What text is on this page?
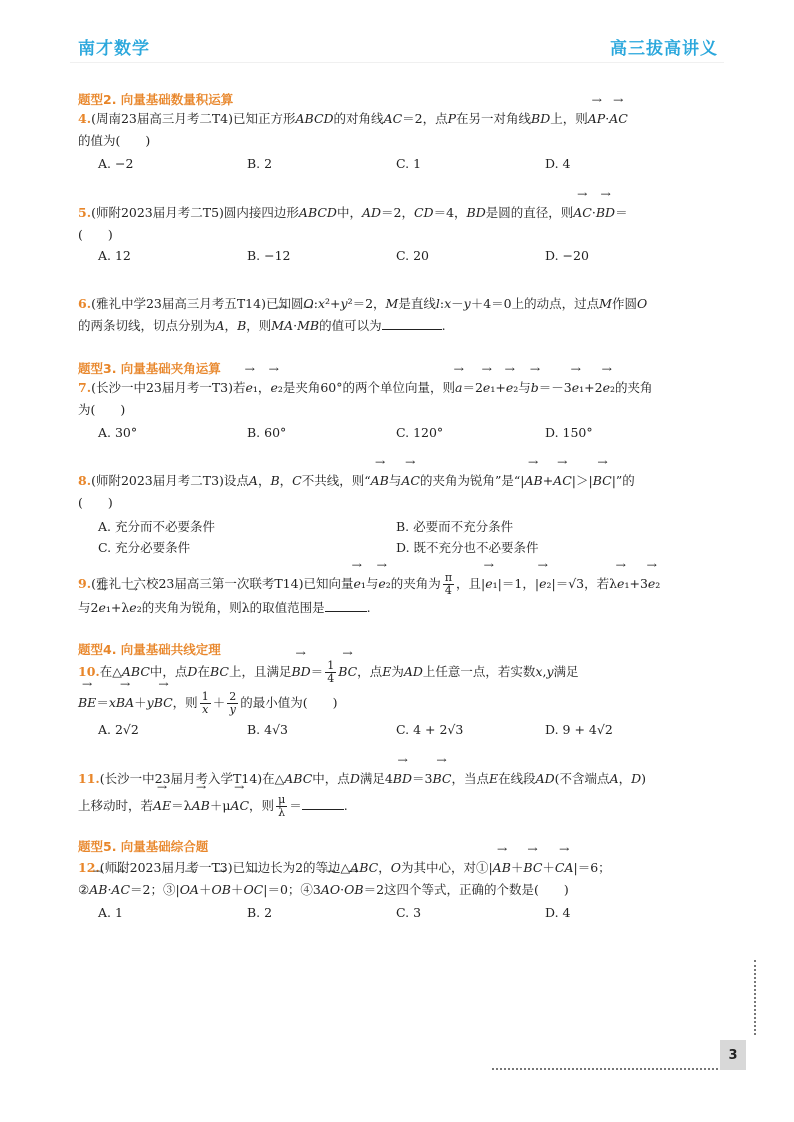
南才数学	高三拔高讲义
题型2. 向量基础数量积运算
4.(周南23届高三月考二T4)已知正方形ABCD的对角线AC＝2，点P在另一对角线BD上，则→ AP·→ AC
的值为(　　)
A. −2	B. 2	C. 1	D. 4
5.(师附2023届月考二T5)圆内接四边形ABCD中，AD＝2，CD＝4，BD是圆的直径，则→ AC·→ BD＝
(　　)
A. 12	B. −12	C. 20	D. −20
6.(雅礼中学23届高三月考五T14)已知圆O:x²+y²＝2，M是直线l:x－y＋4＝0上的动点，过点M作圆O
的两条切线，切点分别为A，B，则→ MA·→ MB的值可以为	.
题型3. 向量基础夹角运算
7.(长沙一中23届月考一T3)若→ e₁，→ e₂是夹角60°的两个单位向量，则→ a＝2→ e₁+→ e₂与→ b＝－3→ e₁+2→ e₂的夹角
为(　　)
A. 30°	B. 60°	C. 120°	D. 150°
8.(师附2023届月考二T3)设点A，B，C不共线，则“→ AB与→ AC的夹角为锐角”是“|→ AB+→ AC|＞|→ BC|”的
(　　)
A. 充分而不必要条件	B. 必要而不充分条件
C. 充分必要条件	D. 既不充分也不必要条件
9.(雅礼十六校23届高三第一次联考T14)已知向量→ e₁与→ e₂的夹角为 $\frac{\pi}{4}$ ，且|→ e₁|＝1，|→ e₂|＝√3，若λ→ e₁+3→ e₂
与2→ e₁+λ→ e₂的夹角为锐角，则λ的取值范围是	.
题型4. 向量基础共线定理
10.在△ABC中，点D在BC上，且满足→ $BD= \frac{1}{4}$
→ BC，点E为AD上任意一点，若实数x,y满足
→ BE＝x→ BA＋y→ BC，则 $\frac{1}{x} + \frac{2}{y}$ 的最小值为(　　)
A. 2√2	B. 4√3	C. 4 + 2√3	D. 9 + 4√2
11.(长沙一中23届月考入学T14)在△ABC中，点D满足4→ BD＝3→ BC，当点E在线段AD(不含端点A，D)
上移动时，若→ AE＝λ→ AB＋μ→ AC，则 $\frac{\mu}{\lambda}$ ＝	.
题型5. 向量基础综合题
12.(师附2023届月考一T3)已知边长为2的等边△ABC，O为其中心，对①|→ AB＋→ BC＋→ CA|＝6；
②→ AB·→ AC＝2；③|→ OA＋→ OB＋→ OC|＝0；④3→ AO·→ OB＝2这四个等式，正确的个数是(　　)
A. 1	B. 2	C. 3	D. 4
3
